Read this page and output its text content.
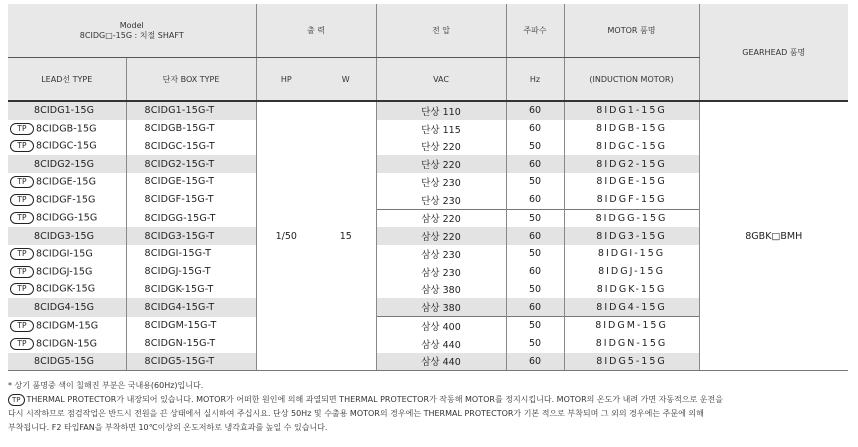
Model
8CIDG□-15G : 치절 SHAFT		출 력		전 압	주파수	MOTOR 품명	GEARHEAD 품명
LEAD선 TYPE	단자 BOX TYPE	HP	W	VAC	Hz	(INDUCTION MOTOR)	
8CIDG1-15G	8CIDG1-15G-T	1/50	15	단상 110	60	8IDG1-15G	8GBK□BMH
TP 8CIDGB-15G	8CIDGB-15G-T			단상 115	60	8IDGB-15G	
TP 8CIDGC-15G	8CIDGC-15G-T			단상 220	50	8IDGC-15G	
8CIDG2-15G	8CIDG2-15G-T			단상 220	60	8IDG2-15G	
TP 8CIDGE-15G	8CIDGE-15G-T			단상 230	50	8IDGE-15G	
TP 8CIDGF-15G	8CIDGF-15G-T			단상 230	60	8IDGF-15G	
TP 8CIDGG-15G	8CIDGG-15G-T			삼상 220	50	8IDGG-15G	
8CIDG3-15G	8CIDG3-15G-T			삼상 220	60	8IDG3-15G	
TP 8CIDGI-15G	8CIDGI-15G-T			삼상 230	50	8IDGI-15G	
TP 8CIDGJ-15G	8CIDGJ-15G-T			삼상 230	60	8IDGJ-15G	
TP 8CIDGK-15G	8CIDGK-15G-T			삼상 380	50	8IDGK-15G	
8CIDG4-15G	8CIDG4-15G-T			삼상 380	60	8IDG4-15G	
TP 8CIDGM-15G	8CIDGM-15G-T			삼상 400	50	8IDGM-15G	
TP 8CIDGN-15G	8CIDGN-15G-T			삼상 440	50	8IDGN-15G	
8CIDG5-15G	8CIDG5-15G-T			삼상 440	60	8IDG5-15G	
* 상기 품명중 색이 칠해진 부분은 국내용(60Hz)입니다.
TP THERMAL PROTECTOR가 내장되어 있습니다. MOTOR가 어떠한 원인에 의해 과열되면 THERMAL PROTECTOR가 작동해 MOTOR를 정지시킵니다. MOTOR의 온도가 내려 가면 자동적으로 운전을
다시 시작하므로 점검작업은 반드시 전원을 끈 상태에서 실시하여 주십시요. 단상 50Hz 및 수출용 MOTOR의 경우에는 THERMAL PROTECTOR가 기본 적으로 부착되며 그 외의 경우에는 주문에 의해
부착됩니다. F2 타입FAN을 부착하면 10℃이상의 온도저하로 냉각효과를 높일 수 있습니다.
